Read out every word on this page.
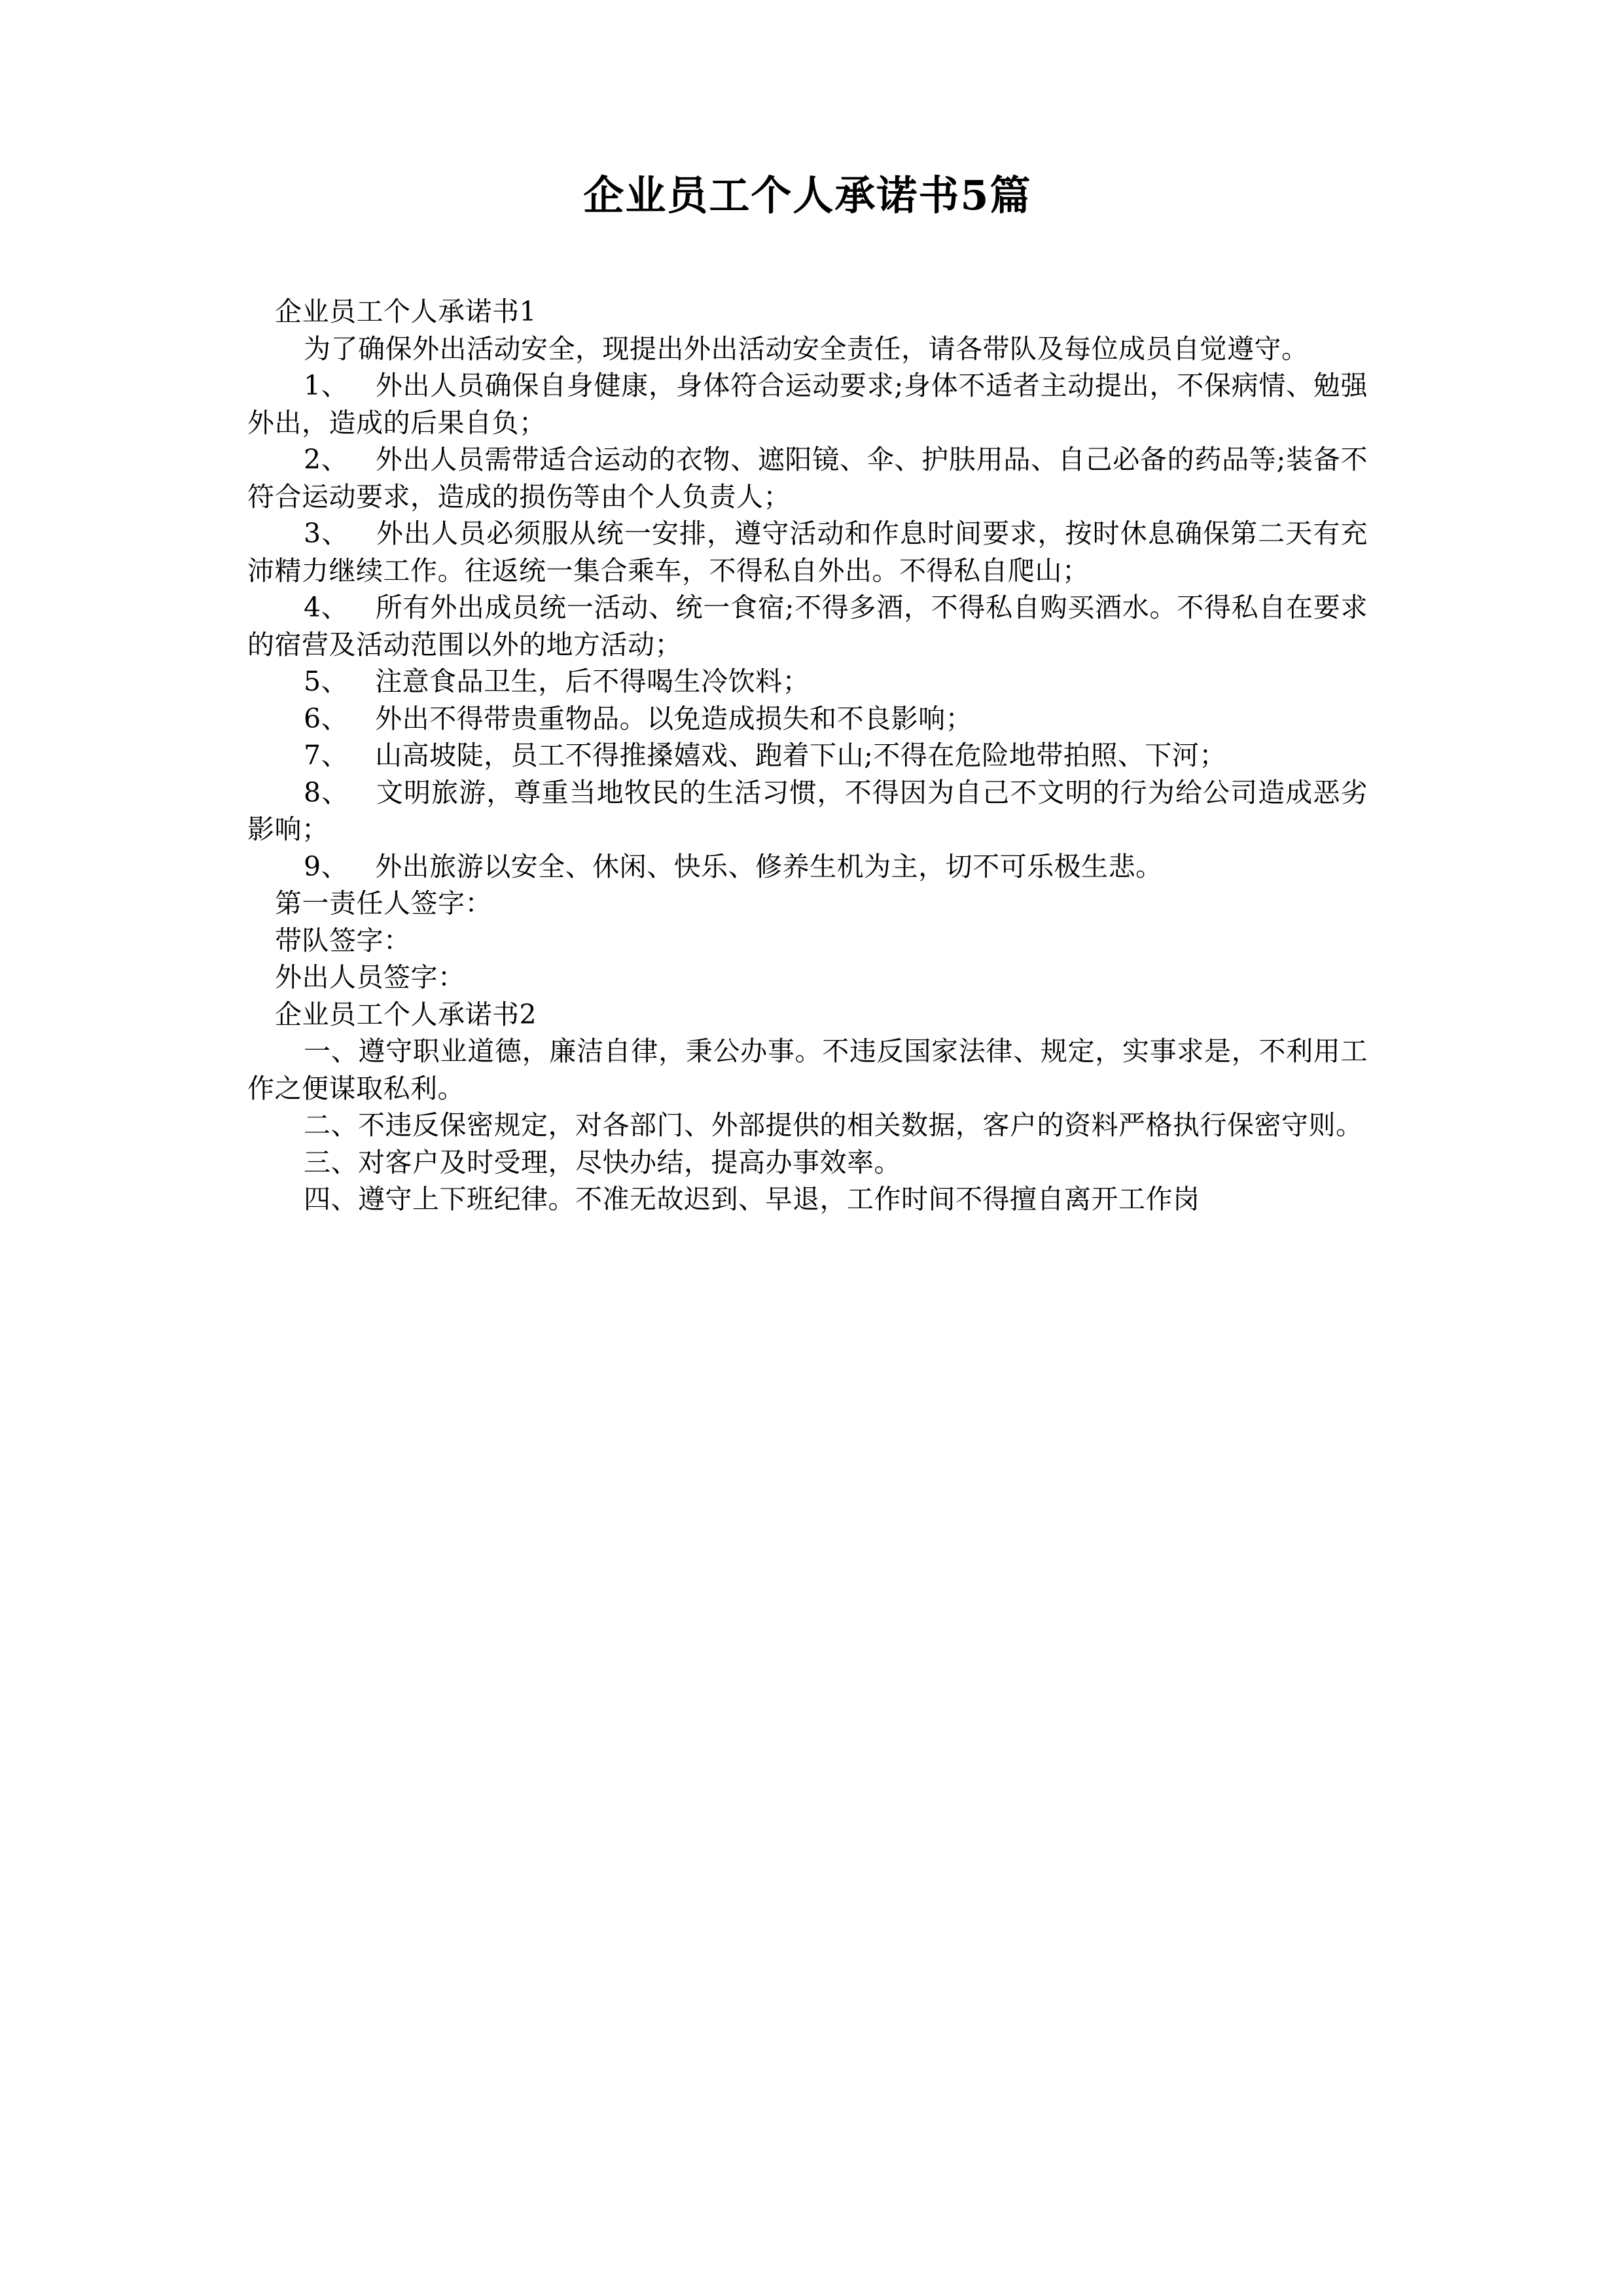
企业员工个人承诺书5篇

企业员工个人承诺书1

为了确保外出活动安全，现提出外出活动安全责任，请各带队及每位成员自觉遵守。

1、 外出人员确保自身健康，身体符合运动要求;身体不适者主动提出，不保病情、勉强外出，造成的后果自负；

2、 外出人员需带适合运动的衣物、遮阳镜、伞、护肤用品、自己必备的药品等;装备不符合运动要求，造成的损伤等由个人负责人；

3、 外出人员必须服从统一安排，遵守活动和作息时间要求，按时休息确保第二天有充沛精力继续工作。往返统一集合乘车，不得私自外出。不得私自爬山；

4、 所有外出成员统一活动、统一食宿;不得多酒，不得私自购买酒水。不得私自在要求的宿营及活动范围以外的地方活动；

5、 注意食品卫生，后不得喝生冷饮料；

6、 外出不得带贵重物品。以免造成损失和不良影响；

7、 山高坡陡，员工不得推搡嬉戏、跑着下山;不得在危险地带拍照、下河；

8、 文明旅游，尊重当地牧民的生活习惯，不得因为自己不文明的行为给公司造成恶劣影响；

9、 外出旅游以安全、休闲、快乐、修养生机为主，切不可乐极生悲。

第一责任人签字：

带队签字：

外出人员签字：

企业员工个人承诺书2

一、遵守职业道德，廉洁自律，秉公办事。不违反国家法律、规定，实事求是，不利用工作之便谋取私利。

二、不违反保密规定，对各部门、外部提供的相关数据，客户的资料严格执行保密守则。

三、对客户及时受理，尽快办结，提高办事效率。

四、遵守上下班纪律。不准无故迟到、早退，工作时间不得擅自离开工作岗
